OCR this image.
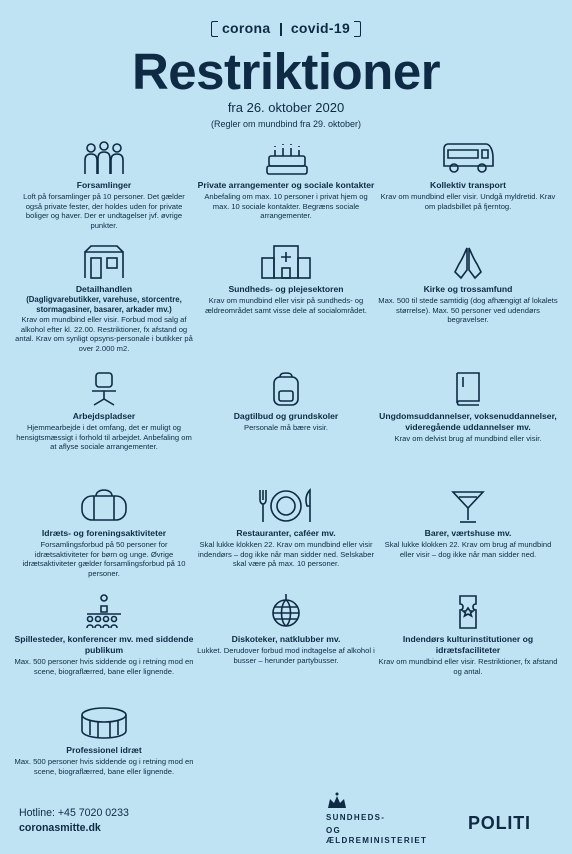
corona covid-19
Restriktioner
fra 26. oktober 2020
(Regler om mundbind fra 29. oktober)
Forsamlinger

Loft på forsamlinger på 10 personer. Det gælder også private fester, der holdes uden for private boliger og haver. Der er undtagelser jvf. øvrige punkter.

Private arrangementer og sociale kontakter

Anbefaling om max. 10 personer i privat hjem og max. 10 sociale kontakter. Begræns sociale arrangementer.

Kollektiv transport

Krav om mundbind eller visir. Undgå myldretid. Krav om pladsbillet på fjerntog.

Detailhandlen
(Dagligvarebutikker, varehuse, storcentre, stormagasiner, basarer, arkader mv.)

Krav om mundbind eller visir. Forbud mod salg af alkohol efter kl. 22.00. Restriktioner, fx afstand og antal. Krav om synligt opsyns-personale i butikker på over 2.000 m2.

Sundheds- og plejesektoren

Krav om mundbind eller visir på sundheds- og ældreområdet samt visse dele af socialområdet.

Kirke og trossamfund

Max. 500 til stede samtidig (dog afhængigt af lokalets størrelse). Max. 50 personer ved udendørs begravelser.

Arbejdspladser

Hjemmearbejde i det omfang, det er muligt og hensigtsmæssigt i forhold til arbejdet. Anbefaling om at aflyse sociale arrangementer.

Dagtilbud og grundskoler

Personale må bære visir.

Ungdomsuddannelser, voksenuddannelser, videregående uddannelser mv.

Krav om delvist brug af mundbind eller visir.

Idræts- og foreningsaktiviteter

Forsamlingsforbud på 50 personer for idrætsaktiviteter for børn og unge. Øvrige idrætsaktiviteter gælder forsamlingsforbud på 10 personer.

Restauranter, caféer mv.

Skal lukke klokken 22. Krav om mundbind eller visir indendørs – dog ikke når man sidder ned. Selskaber skal være på max. 10 personer.

Barer, værtshuse mv.

Skal lukke klokken 22. Krav om brug af mundbind eller visir – dog ikke når man sidder ned.

Spillesteder, konferencer mv. med siddende publikum

Max. 500 personer hvis siddende og i retning mod en scene, biograflærred, bane eller lignende.

Diskoteker, natklubber mv.

Lukket. Derudover forbud mod indtagelse af alkohol i busser – herunder partybusser.

Indendørs kulturinstitutioner og idrætsfaciliteter

Krav om mundbind eller visir. Restriktioner, fx afstand og antal.

Professionel idræt

Max. 500 personer hvis siddende og i retning mod en scene, biograflærred, bane eller lignende.

Hotline: +45 7020 0233
coronasmitte.dk
SUNDHEDS-
OG ÆLDREMINISTERIET
POLITI
